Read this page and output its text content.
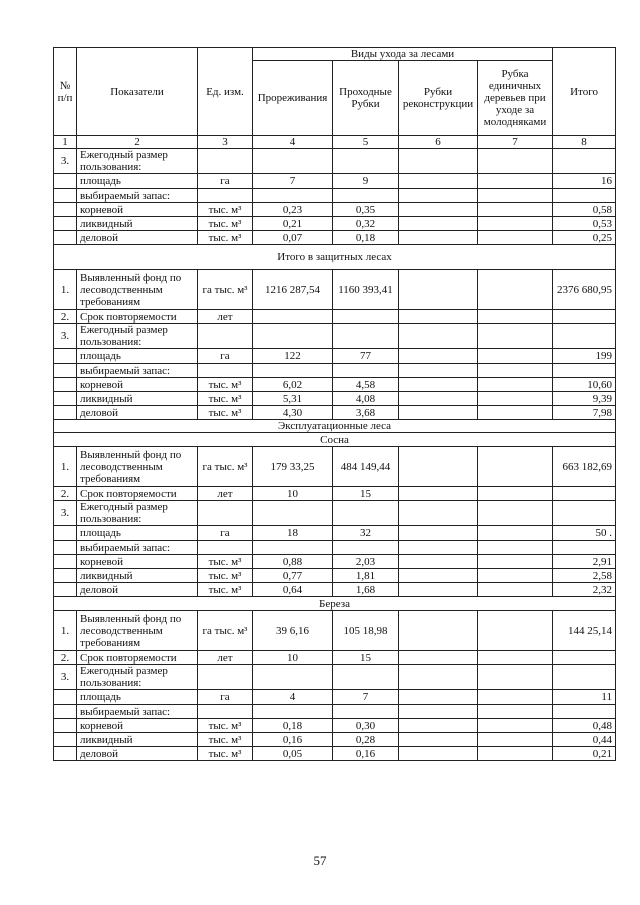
№ п/п	Показатели	Ед. изм.	Виды ухода за лесами				Итого
			Прореживания	Проходные Рубки	Рубки реконструкции	Рубка единичных деревьев при уходе за молодняками	
1	2	3	4	5	6	7	8
3.	Ежегодный размер пользования:						
	площадь	га	7	9			16
	выбираемый запас:						
	корневой	тыс. м³	0,23	0,35			0,58
	ликвидный	тыс. м³	0,21	0,32			0,53
	деловой	тыс. м³	0,07	0,18			0,25
Итого в защитных лесах							
1.	Выявленный фонд по лесоводственным требованиям	га тыс. м³	1216 287,54	1160 393,41			2376 680,95
2.	Срок повторяемости	лет					
3.	Ежегодный размер пользования:						
	площадь	га	122	77			199
	выбираемый запас:						
	корневой	тыс. м³	6,02	4,58			10,60
	ликвидный	тыс. м³	5,31	4,08			9,39
	деловой	тыс. м³	4,30	3,68			7,98
Эксплуатационные леса							
Сосна							
1.	Выявленный фонд по лесоводственным требованиям	га тыс. м³	179 33,25	484 149,44			663 182,69
2.	Срок повторяемости	лет	10	15			
3.	Ежегодный размер пользования:						
	площадь	га	18	32			50 .
	выбираемый запас:						
	корневой	тыс. м³	0,88	2,03			2,91
	ликвидный	тыс. м³	0,77	1,81			2,58
	деловой	тыс. м³	0,64	1,68			2,32
Береза							
1.	Выявленный фонд по лесоводственным требованиям	га тыс. м³	39 6,16	105 18,98			144 25,14
2.	Срок повторяемости	лет	10	15			
3.	Ежегодный размер пользования:						
	площадь	га	4	7			11
	выбираемый запас:						
	корневой	тыс. м³	0,18	0,30			0,48
	ликвидный	тыс. м³	0,16	0,28			0,44
	деловой	тыс. м³	0,05	0,16			0,21
57
